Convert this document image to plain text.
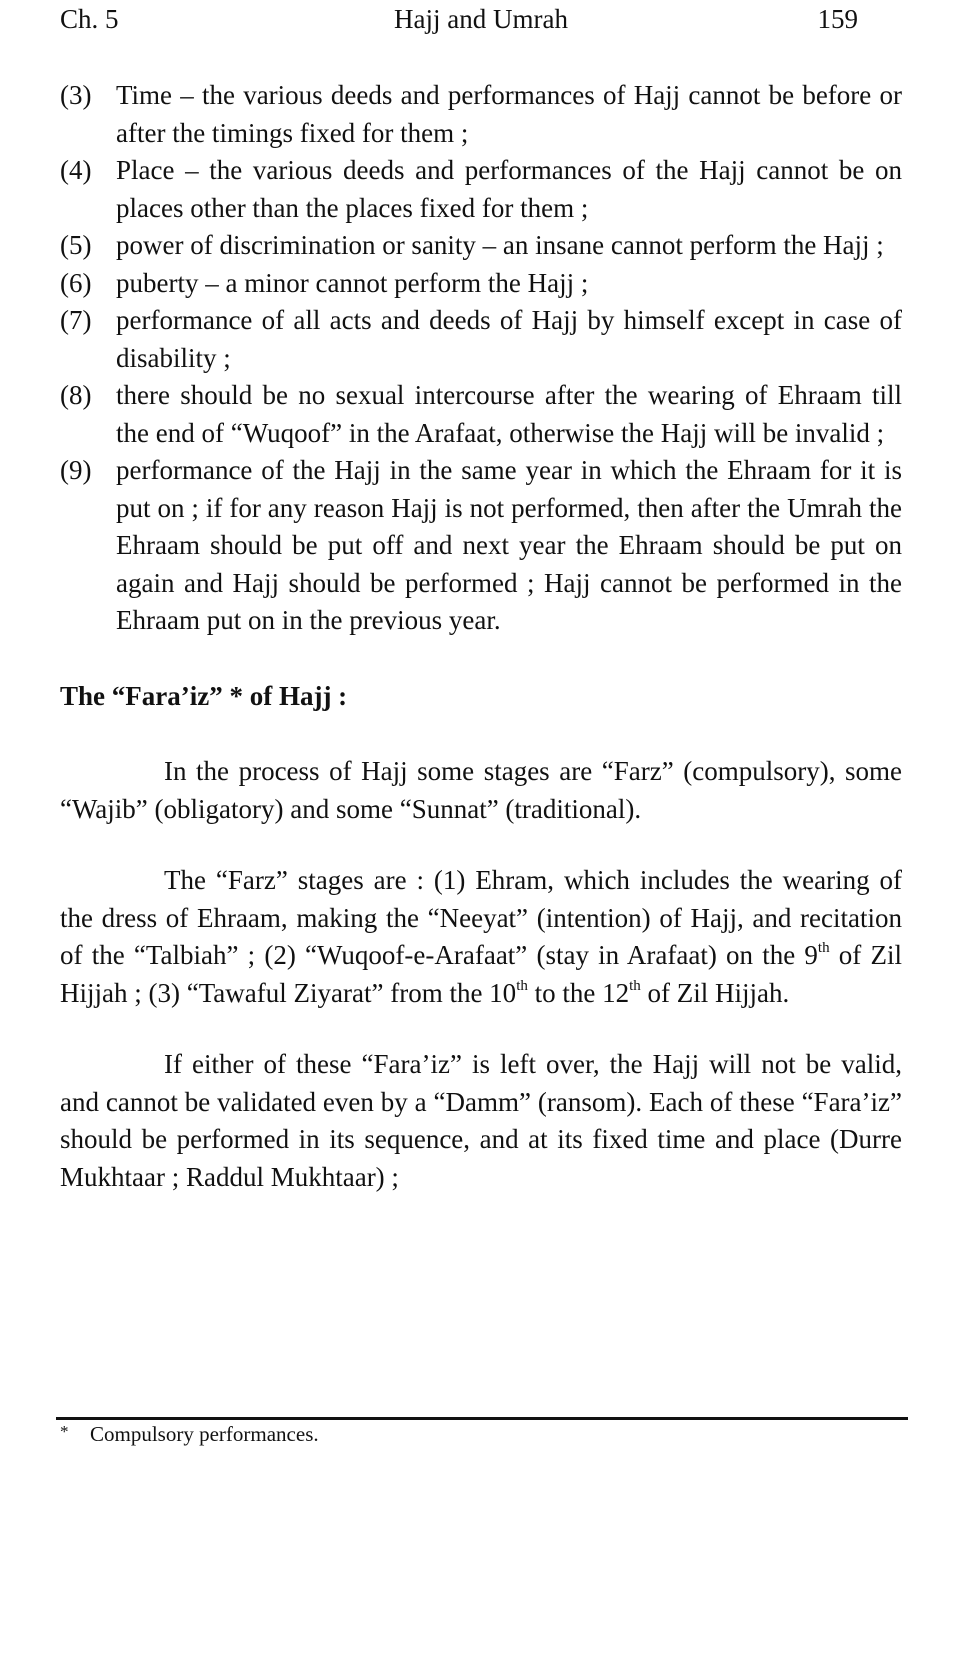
Ch. 5	Hajj and Umrah	159
(3) Time – the various deeds and performances of Hajj cannot be before or after the timings fixed for them ;
(4) Place – the various deeds and performances of the Hajj cannot be on places other than the places fixed for them ;
(5) power of discrimination or sanity – an insane cannot perform the Hajj ;
(6) puberty – a minor cannot perform the Hajj ;
(7) performance of all acts and deeds of Hajj by himself except in case of disability ;
(8) there should be no sexual intercourse after the wearing of Ehraam till the end of “Wuqoof” in the Arafaat, otherwise the Hajj will be invalid ;
(9) performance of the Hajj in the same year in which the Ehraam for it is put on ; if for any reason Hajj is not performed, then after the Umrah the Ehraam should be put off and next year the Ehraam should be put on again and Hajj should be performed ; Hajj cannot be performed in the Ehraam put on in the previous year.
The “Fara’iz” * of Hajj :

In the process of Hajj some stages are “Farz” (compulsory), some “Wajib” (obligatory) and some “Sunnat” (traditional).

The “Farz” stages are : (1) Ehram, which includes the wearing of the dress of Ehraam, making the “Neeyat” (intention) of Hajj, and recitation of the “Talbiah” ; (2) “Wuqoof-e-Arafaat” (stay in Arafaat) on the 9th of Zil Hijjah ; (3) “Tawaful Ziyarat” from the 10th to the 12th of Zil Hijjah.

If either of these “Fara’iz” is left over, the Hajj will not be valid, and cannot be validated even by a “Damm” (ransom). Each of these “Fara’iz” should be performed in its sequence, and at its fixed time and place (Durre Mukhtaar ; Raddul Mukhtaar) ;

* Compulsory performances.
